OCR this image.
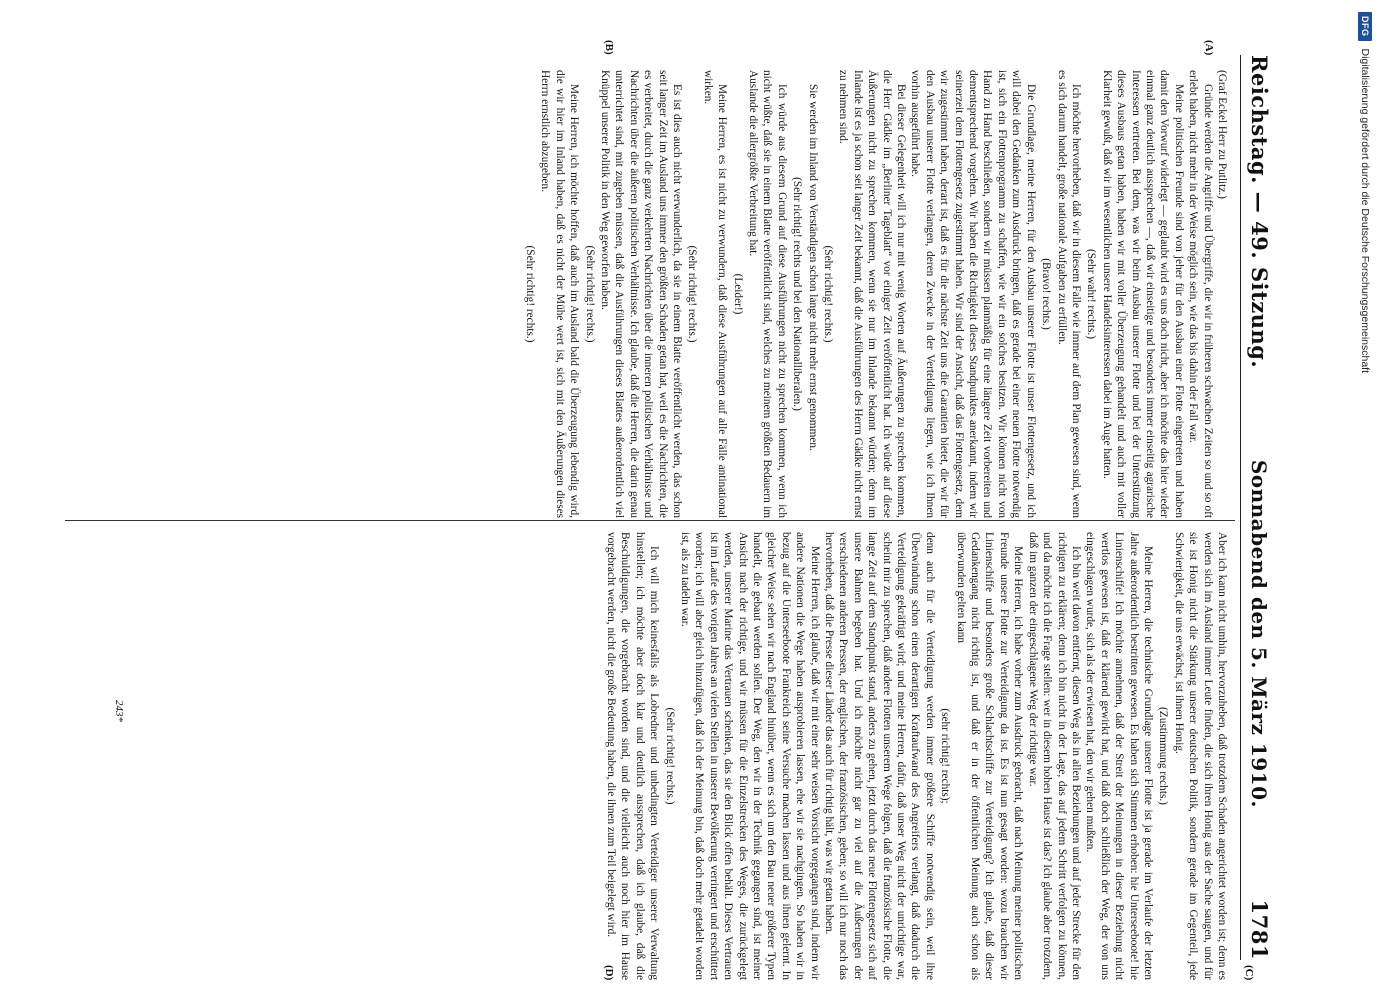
Reichstag. — 49. Sitzung.
Sonnabend den 5. März 1910.
1781
(A)
(B)
(C)
(D)

(Graf Eckel Herr zu Putlitz.)

Gründe werden die Angriffe und Übergriffe, die wir in früheren schwachen Zeiten so und so oft erlebt haben, nicht mehr in der Weise möglich sein, wie das bis dahin der Fall war.

Meine politischen Freunde sind von jeher für den Ausbau einer Flotte eingetreten und haben damit den Vorwurf widerlegt — geglaubt wird es uns doch nicht, aber ich möchte das hier wieder einmal ganz deutlich aussprechen —, daß wir einseitige und besonders immer einseitig agrarische Interessen vertreten. Bei dem, was wir beim Ausbau unserer Flotte und bei der Unterstützung dieses Ausbaus getan haben, haben wir mit voller Überzeugung gehandelt und auch mit voller Klarheit gewußt, daß wir im wesentlichen unsere Handelsinteressen dabei im Auge hatten.

(Sehr wahr! rechts.)

Ich möchte hervorheben, daß wir in diesem Falle wie immer auf dem Plan gewesen sind, wenn es sich darum handelt, große nationale Aufgaben zu erfüllen.

(Bravo! rechts.)

Die Grundlage, meine Herren, für den Ausbau unserer Flotte ist unser Flottengesetz, und ich will dabei den Gedanken zum Ausdruck bringen, daß es gerade bei einer neuen Flotte notwendig ist, sich ein Flottenprogramm zu schaffen, wie wir ein solches besitzen. Wir können nicht von Hand zu Hand beschließen, sondern wir müssen planmäßig für eine längere Zeit vorbereiten und dementsprechend vorgehen. Wir haben die Richtigkeit dieses Standpunktes anerkannt, indem wir seinerzeit dem Flottengesetz zugestimmt haben. Wir sind der Ansicht, daß das Flottengesetz, dem wir zugestimmt haben, derart ist, daß es für die nächste Zeit uns die Garantien bietet, die wir für den Ausbau unserer Flotte verlangen, deren Zwecke in der Verteidigung liegen, wie ich Ihnen vorhin ausgeführt habe.

Bei dieser Gelegenheit will ich nur mit wenig Worten auf Äußerungen zu sprechen kommen, die Herr Gädke im „Berliner Tageblatt“ vor einiger Zeit veröffentlicht hat. Ich würde auf diese Äußerungen nicht zu sprechen kommen, wenn sie nur im Inlande bekannt würden; denn im Inlande ist es ja schon seit langer Zeit bekannt, daß die Ausführungen des Herrn Gädke nicht ernst zu nehmen sind.

(Sehr richtig! rechts.)

Sie werden im Inland von Verständigen schon lange nicht mehr ernst genommen.

(Sehr richtig! rechts und bei den Nationalliberalen.)

Ich würde aus diesem Grund auf diese Ausführungen nicht zu sprechen kommen, wenn ich nicht wüßte, daß sie in einem Blatte veröffentlicht sind, welches zu meinem größten Bedauern im Auslande die allergrößte Verbreitung hat.

(Leider!)

Meine Herren, es ist nicht zu verwundern, daß diese Ausführungen auf alle Fälle antinational wirken.

(Sehr richtig! rechts.)

Es ist dies auch nicht verwunderlich, da sie in einem Blatte veröffentlicht werden, das schon seit langer Zeit im Ausland uns immer den größten Schaden getan hat, weil es die Nachrichten, die es verbreitet, durch die ganz verkehrten Nachrichten über die inneren politischen Verhältnisse und Nachrichten über die äußeren politischen Verhältnisse. Ich glaube, daß die Herren, die darin genau unterrichtet sind, mit zugeben müssen, daß die Ausführungen dieses Blattes außerordentlich viel Knüppel unserer Politik in den Weg geworfen haben.

(Sehr richtig! rechts.)

Meine Herren, ich möchte hoffen, daß auch im Ausland bald die Überzeugung lebendig wird, die wir hier im Inland haben, daß es nicht der Mühe wert ist, sich mit den Äußerungen dieses Herrn ernstlich abzugeben.

(Sehr richtig! rechts.)

Aber ich kann nicht umhin, hervorzuheben, daß trotzdem Schaden angerichtet worden ist; denn es werden sich im Ausland immer Leute finden, die sich ihren Honig aus der Sache saugen, und für sie ist Honig nicht die Stärkung unserer deutschen Politik, sondern gerade im Gegenteil, jede Schwierigkeit, die uns erwächst, ist ihnen Honig.

(Zustimmung rechts.)

Meine Herren, die technische Grundlage unserer Flotte ist ja gerade im Verlaufe der letzten Jahre außerordentlich bestritten gewesen. Es haben sich Stimmen erhoben: hie Unterseeboote! hie Linienschiffe! Ich möchte annehmen, daß der Streit der Meinungen in dieser Beziehung nicht wertlos gewesen ist, daß er klärend gewirkt hat, und daß doch schließlich der Weg, der von uns eingeschlagen wurde, sich als der erwiesen hat, den wir gehen mußten.

Ich bin weit davon entfernt, diesen Weg als in allen Beziehungen und auf jeder Strecke für den richtigen zu erklären; denn ich bin nicht in der Lage, das auf jedem Schritt verfolgen zu können, und da möchte ich die Frage stellen: wer in diesem hohen Hause ist das? Ich glaube aber trotzdem, daß im ganzen der eingeschlagene Weg der richtige war.

Meine Herren, ich habe vorher zum Ausdruck gebracht, daß nach Meinung meiner politischen Freunde unsere Flotte zur Verteidigung da ist. Es ist nun gesagt worden: wozu brauchen wir Linienschiffe und besonders große Schlachtschiffe zur Verteidigung? Ich glaube, daß dieser Gedankengang nicht richtig ist, und daß er in der öffentlichen Meinung auch schon als überwunden gelten kann

(sehr richtig! rechts);

denn auch für die Verteidigung werden immer größere Schiffe notwendig sein, weil ihre Überwindung schon einen derartigen Kraftaufwand des Angreifers verlangt, daß dadurch die Verteidigung gekräftigt wird; und meine Herren, dafür, daß unser Weg nicht der unrichtige war, scheint mir zu sprechen, daß andere Flotten unserem Wege folgen, daß die französische Flotte, die lange Zeit auf dem Standpunkt stand, anders zu gehen, jetzt durch das neue Flottengesetz sich auf unsere Bahnen begeben hat. Und ich möchte nicht gar zu viel auf die Äußerungen der verschiedenen anderen Pressen, der englischen, der französischen, geben; so will ich nur noch das hervorheben, daß die Presse dieser Länder das auch für richtig hält, was wir getan haben.

Meine Herren, ich glaube, daß wir mit einer sehr weisen Vorsicht vorgegangen sind, indem wir andere Nationen die Wege haben ausprobieren lassen, ehe wir sie nachgingen. So haben wir in bezug auf die Unterseeboote Frankreich seine Versuche machen lassen und aus ihnen gelernt. In gleicher Weise sehen wir nach England hinüber, wenn es sich um den Bau neuer größerer Typen handelt, die gebaut werden sollen. Der Weg, den wir in der Technik gegangen sind, ist meiner Ansicht nach der richtige, und wir müssen für die Einzelstrecken des Weges, die zurückgelegt werden, unserer Marine das Vertrauen schenken, das sie den Blick offen behält. Dieses Vertrauen ist im Laufe des vorigen Jahres an vielen Stellen in unserer Bevölkerung verringert und erschüttert worden; ich will aber gleich hinzufügen, daß ich der Meinung bin, daß doch mehr getadelt worden ist, als zu tadeln war.

(Sehr richtig! rechts.)

Ich will mich keinesfalls als Lobredner und unbedingten Verteidiger unserer Verwaltung hinstellen; ich möchte aber doch klar und deutlich aussprechen, daß ich glaube, daß die Beschuldigungen, die vorgebracht worden sind, und die vielleicht auch noch hier im Hause vorgebracht werden, nicht die große Bedeutung haben, die ihnen zum Teil beigelegt wird.

243*
DFG
Digitalisierung gefördert durch die Deutsche Forschungsgemeinschaft
